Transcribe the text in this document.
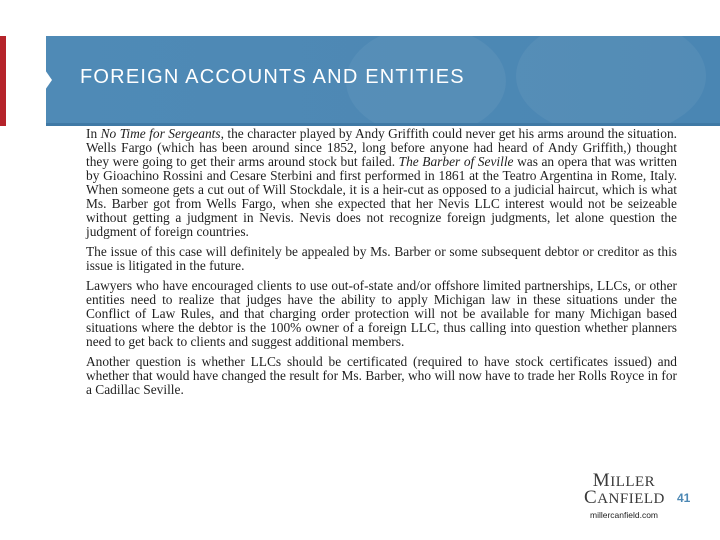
FOREIGN ACCOUNTS AND ENTITIES

In No Time for Sergeants, the character played by Andy Griffith could never get his arms around the situation. Wells Fargo (which has been around since 1852, long before anyone had heard of Andy Griffith,) thought they were going to get their arms around stock but failed. The Barber of Seville was an opera that was written by Gioachino Rossini and Cesare Sterbini and first performed in 1861 at the Teatro Argentina in Rome, Italy. When someone gets a cut out of Will Stockdale, it is a heir-cut as opposed to a judicial haircut, which is what Ms. Barber got from Wells Fargo, when she expected that her Nevis LLC interest would not be seizeable without getting a judgment in Nevis. Nevis does not recognize foreign judgments, let alone question the judgment of foreign countries.

The issue of this case will definitely be appealed by Ms. Barber or some subsequent debtor or creditor as this issue is litigated in the future.

Lawyers who have encouraged clients to use out-of-state and/or offshore limited partnerships, LLCs, or other entities need to realize that judges have the ability to apply Michigan law in these situations under the Conflict of Law Rules, and that charging order protection will not be available for many Michigan based situations where the debtor is the 100% owner of a foreign LLC, thus calling into question whether planners need to get back to clients and suggest additional members.

Another question is whether LLCs should be certificated (required to have stock certificates issued) and whether that would have changed the result for Ms. Barber, who will now have to trade her Rolls Royce in for a Cadillac Seville.

MILLER
CANFIELD
millercanfield.com
41
